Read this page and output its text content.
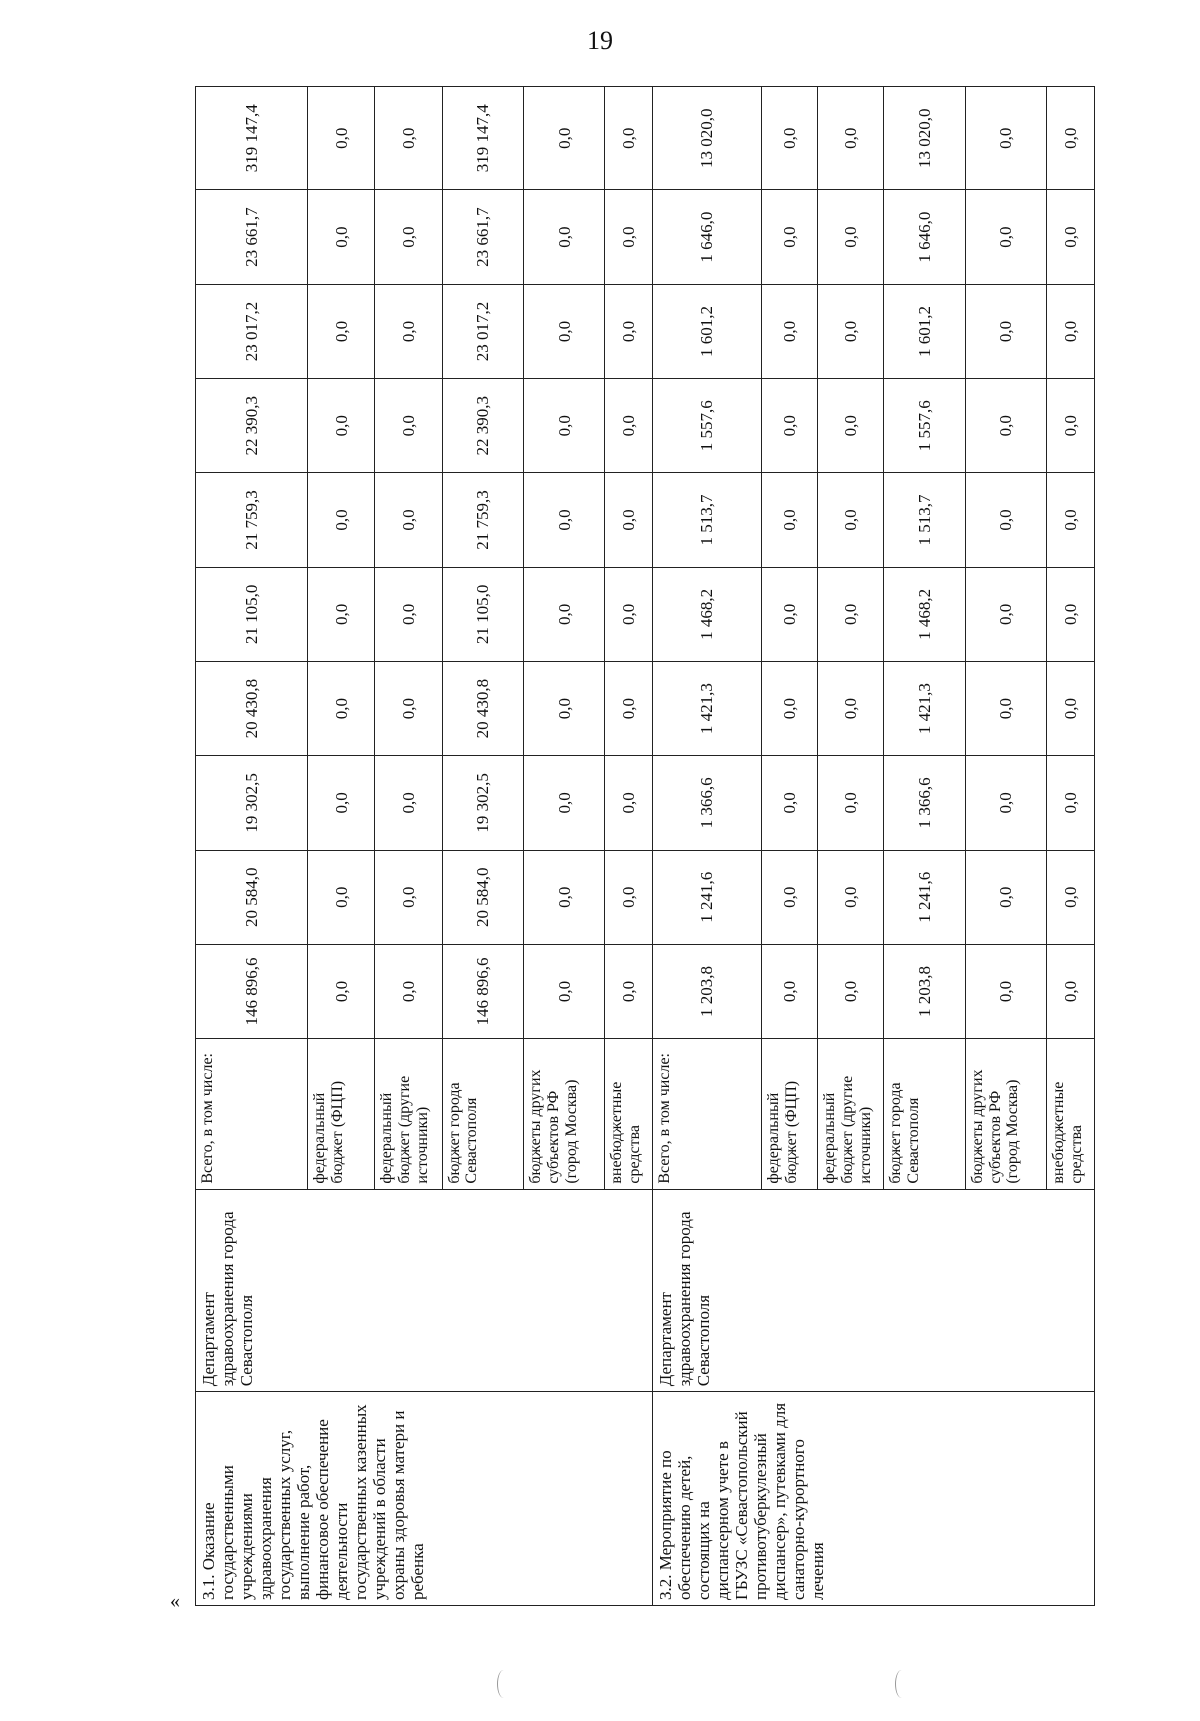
19
«
3.1. Оказание государственными учреждениями здравоохранения государственных услуг, выполнение работ, финансовое обеспечение деятельности государственных казенных учреждений в области охраны здоровья матери и ребенка	Департамент здравоохранения города Севастополя	Всего, в том числе:	146 896,6	20 584,0	19 302,5	20 430,8	21 105,0	21 759,3	22 390,3	23 017,2	23 661,7	319 147,4
		федеральный бюджет (ФЦП)	0,0	0,0	0,0	0,0	0,0	0,0	0,0	0,0	0,0	0,0
		федеральный бюджет (другие источники)	0,0	0,0	0,0	0,0	0,0	0,0	0,0	0,0	0,0	0,0
		бюджет города Севастополя	146 896,6	20 584,0	19 302,5	20 430,8	21 105,0	21 759,3	22 390,3	23 017,2	23 661,7	319 147,4
		бюджеты других субъектов РФ (город Москва)	0,0	0,0	0,0	0,0	0,0	0,0	0,0	0,0	0,0	0,0
		внебюджетные средства	0,0	0,0	0,0	0,0	0,0	0,0	0,0	0,0	0,0	0,0
3.2. Мероприятие по обеспечению детей, состоящих на диспансерном учете в ГБУЗС «Севастопольский противотуберкулезный диспансер», путевками для санаторно-курортного лечения	Департамент здравоохранения города Севастополя	Всего, в том числе:	1 203,8	1 241,6	1 366,6	1 421,3	1 468,2	1 513,7	1 557,6	1 601,2	1 646,0	13 020,0
		федеральный бюджет (ФЦП)	0,0	0,0	0,0	0,0	0,0	0,0	0,0	0,0	0,0	0,0
		федеральный бюджет (другие источники)	0,0	0,0	0,0	0,0	0,0	0,0	0,0	0,0	0,0	0,0
		бюджет города Севастополя	1 203,8	1 241,6	1 366,6	1 421,3	1 468,2	1 513,7	1 557,6	1 601,2	1 646,0	13 020,0
		бюджеты других субъектов РФ (город Москва)	0,0	0,0	0,0	0,0	0,0	0,0	0,0	0,0	0,0	0,0
		внебюджетные средства	0,0	0,0	0,0	0,0	0,0	0,0	0,0	0,0	0,0	0,0
